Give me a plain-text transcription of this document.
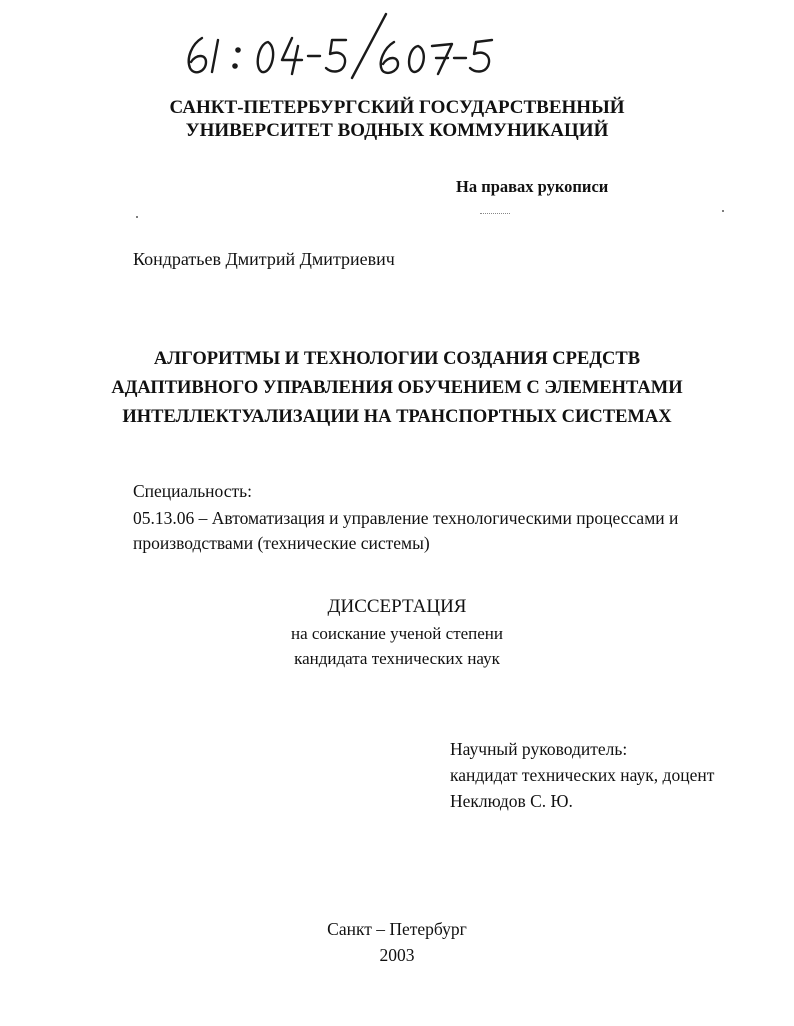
САНКТ-ПЕТЕРБУРГСКИЙ ГОСУДАРСТВЕННЫЙ
УНИВЕРСИТЕТ ВОДНЫХ КОММУНИКАЦИЙ
На правах рукописи
Кондратьев Дмитрий Дмитриевич
АЛГОРИТМЫ И ТЕХНОЛОГИИ СОЗДАНИЯ СРЕДСТВ
АДАПТИВНОГО УПРАВЛЕНИЯ ОБУЧЕНИЕМ С ЭЛЕМЕНТАМИ
ИНТЕЛЛЕКТУАЛИЗАЦИИ НА ТРАНСПОРТНЫХ СИСТЕМАХ
Специальность:
05.13.06 – Автоматизация и управление технологическими процессами и
производствами (технические системы)
ДИССЕРТАЦИЯ
на соискание ученой степени
кандидата технических наук
Научный руководитель:
кандидат технических наук, доцент
Неклюдов С. Ю.
Санкт – Петербург
2003
